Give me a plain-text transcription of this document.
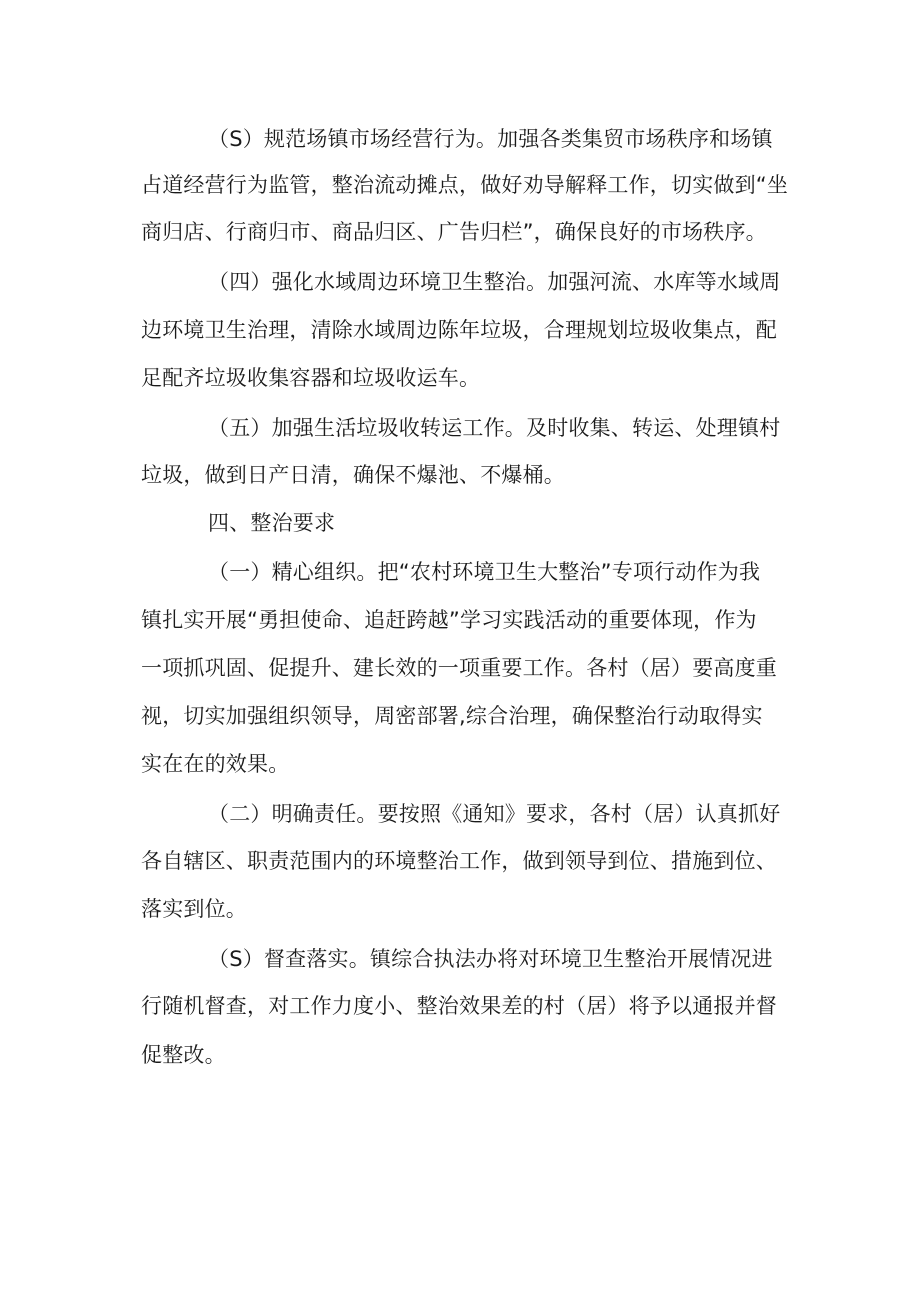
（S）规范场镇市场经营行为。加强各类集贸市场秩序和场镇
占道经营行为监管，整治流动摊点，做好劝导解释工作，切实做到“坐
商归店、行商归市、商品归区、广告归栏”，确保良好的市场秩序。
（四）强化水域周边环境卫生整治。加强河流、水库等水域周
边环境卫生治理，清除水域周边陈年垃圾，合理规划垃圾收集点，配
足配齐垃圾收集容器和垃圾收运车。
（五）加强生活垃圾收转运工作。及时收集、转运、处理镇村
垃圾，做到日产日清，确保不爆池、不爆桶。
四、整治要求
（一）精心组织。把“农村环境卫生大整治”专项行动作为我
镇扎实开展“勇担使命、追赶跨越”学习实践活动的重要体现，作为
一项抓巩固、促提升、建长效的一项重要工作。各村（居）要高度重
视，切实加强组织领导，周密部署,综合治理，确保整治行动取得实
实在在的效果。
（二）明确责任。要按照《通知》要求，各村（居）认真抓好
各自辖区、职责范围内的环境整治工作，做到领导到位、措施到位、
落实到位。
（S）督查落实。镇综合执法办将对环境卫生整治开展情况进
行随机督查，对工作力度小、整治效果差的村（居）将予以通报并督
促整改。
